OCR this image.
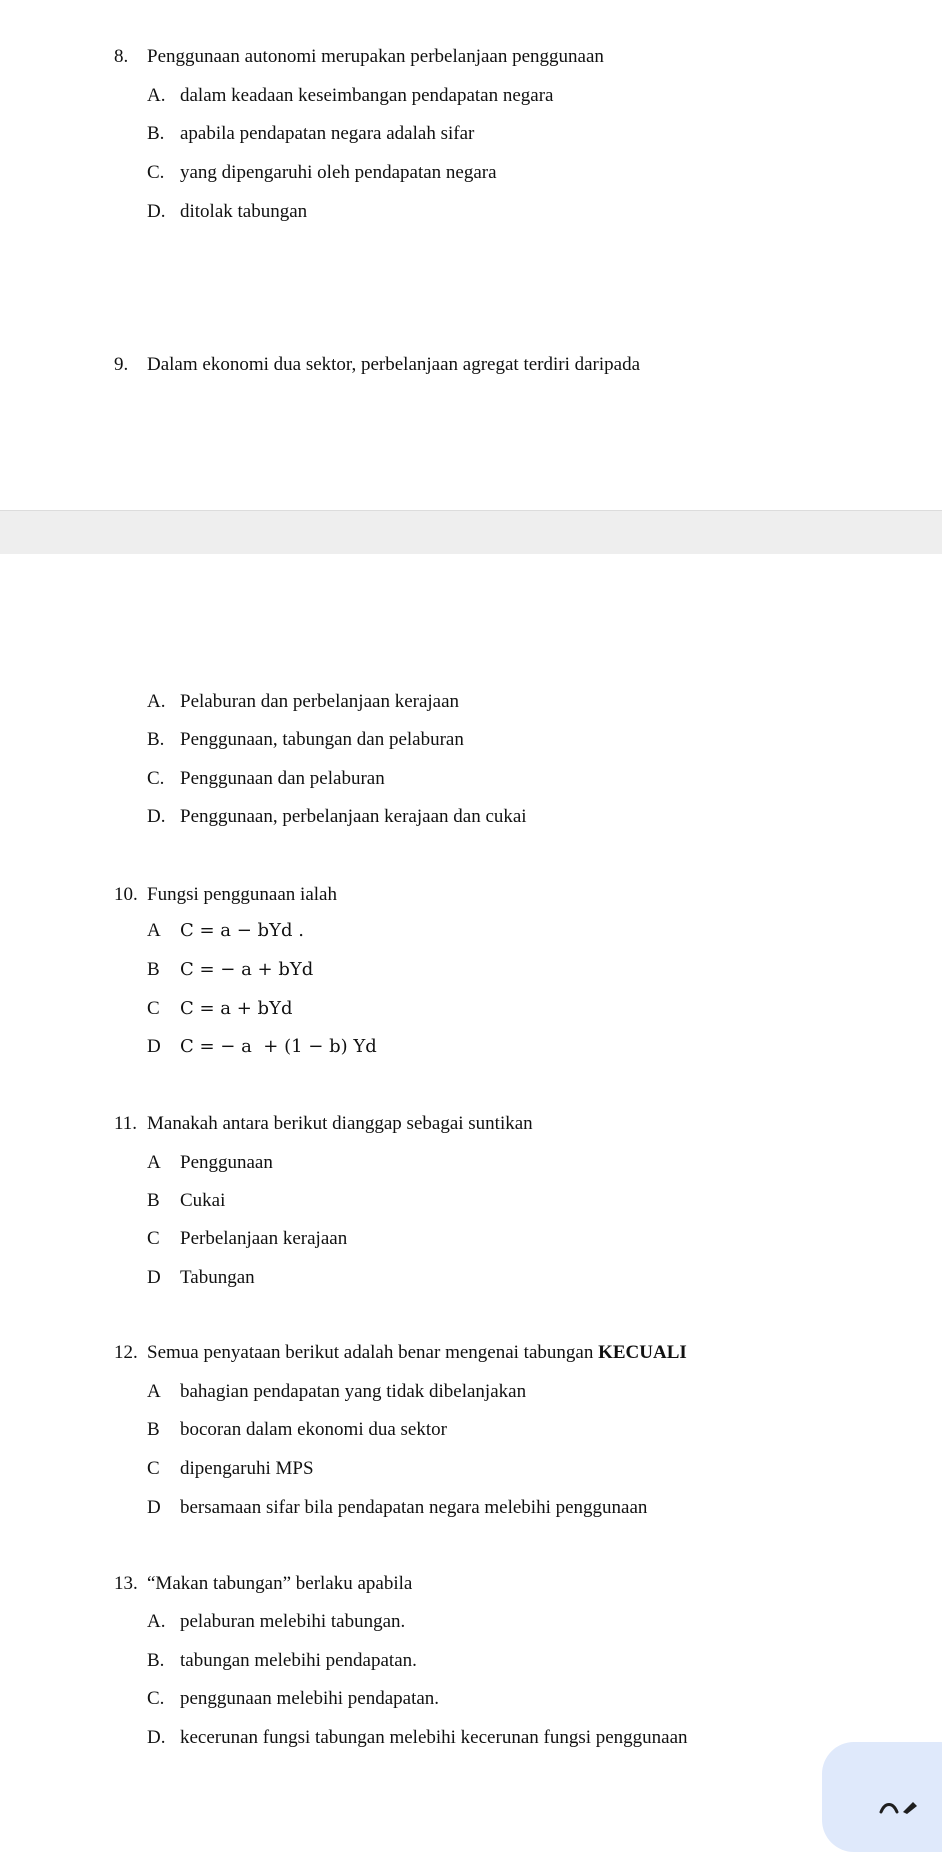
8. Penggunaan autonomi merupakan perbelanjaan penggunaan
A. dalam keadaan keseimbangan pendapatan negara
B. apabila pendapatan negara adalah sifar
C. yang dipengaruhi oleh pendapatan negara
D. ditolak tabungan
9. Dalam ekonomi dua sektor, perbelanjaan agregat terdiri daripada
A. Pelaburan dan perbelanjaan kerajaan
B. Penggunaan, tabungan dan pelaburan
C. Penggunaan dan pelaburan
D. Penggunaan, perbelanjaan kerajaan dan cukai
10. Fungsi penggunaan ialah
A C = a − bYd .
B C = − a + bYd
C C = a + bYd
D C = − a  + (1 − b) Yd
11. Manakah antara berikut dianggap sebagai suntikan
A Penggunaan
B Cukai
C Perbelanjaan kerajaan
D Tabungan
12. Semua penyataan berikut adalah benar mengenai tabungan KECUALI
A bahagian pendapatan yang tidak dibelanjakan
B bocoran dalam ekonomi dua sektor
C dipengaruhi MPS
D bersamaan sifar bila pendapatan negara melebihi penggunaan
13. “Makan tabungan” berlaku apabila
A. pelaburan melebihi tabungan.
B. tabungan melebihi pendapatan.
C. penggunaan melebihi pendapatan.
D. kecerunan fungsi tabungan melebihi kecerunan fungsi penggunaan
